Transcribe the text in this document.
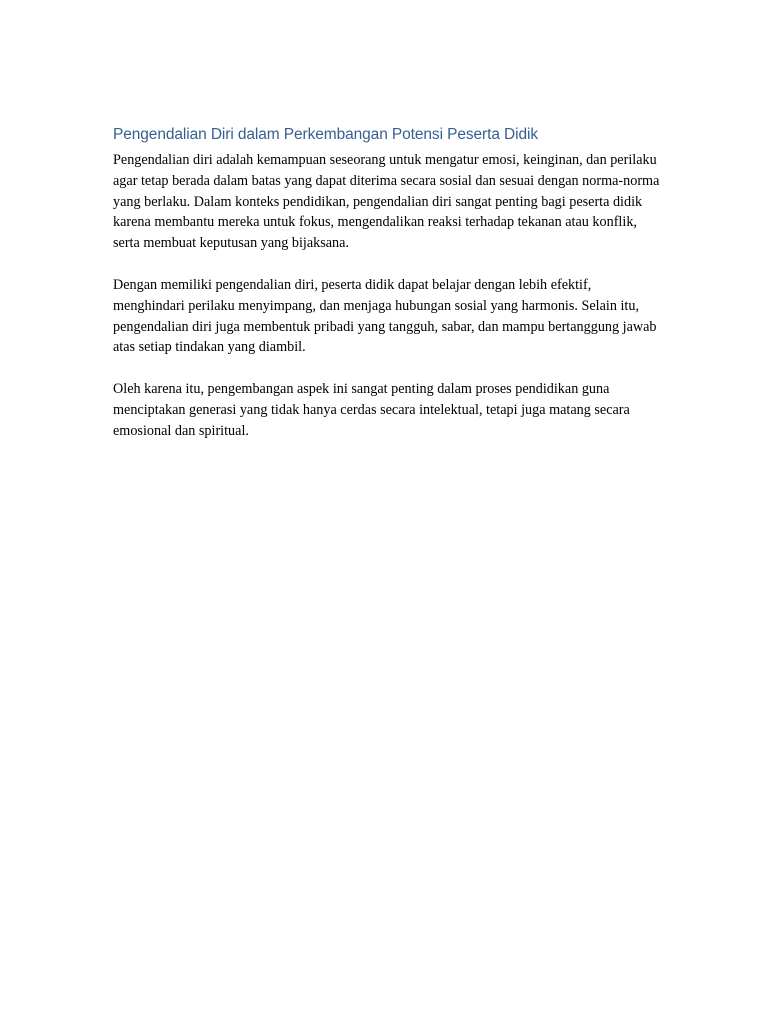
Pengendalian Diri dalam Perkembangan Potensi Peserta Didik

Pengendalian diri adalah kemampuan seseorang untuk mengatur emosi, keinginan, dan perilaku agar tetap berada dalam batas yang dapat diterima secara sosial dan sesuai dengan norma-norma yang berlaku. Dalam konteks pendidikan, pengendalian diri sangat penting bagi peserta didik karena membantu mereka untuk fokus, mengendalikan reaksi terhadap tekanan atau konflik, serta membuat keputusan yang bijaksana.

Dengan memiliki pengendalian diri, peserta didik dapat belajar dengan lebih efektif, menghindari perilaku menyimpang, dan menjaga hubungan sosial yang harmonis. Selain itu, pengendalian diri juga membentuk pribadi yang tangguh, sabar, dan mampu bertanggung jawab atas setiap tindakan yang diambil.

Oleh karena itu, pengembangan aspek ini sangat penting dalam proses pendidikan guna menciptakan generasi yang tidak hanya cerdas secara intelektual, tetapi juga matang secara emosional dan spiritual.
